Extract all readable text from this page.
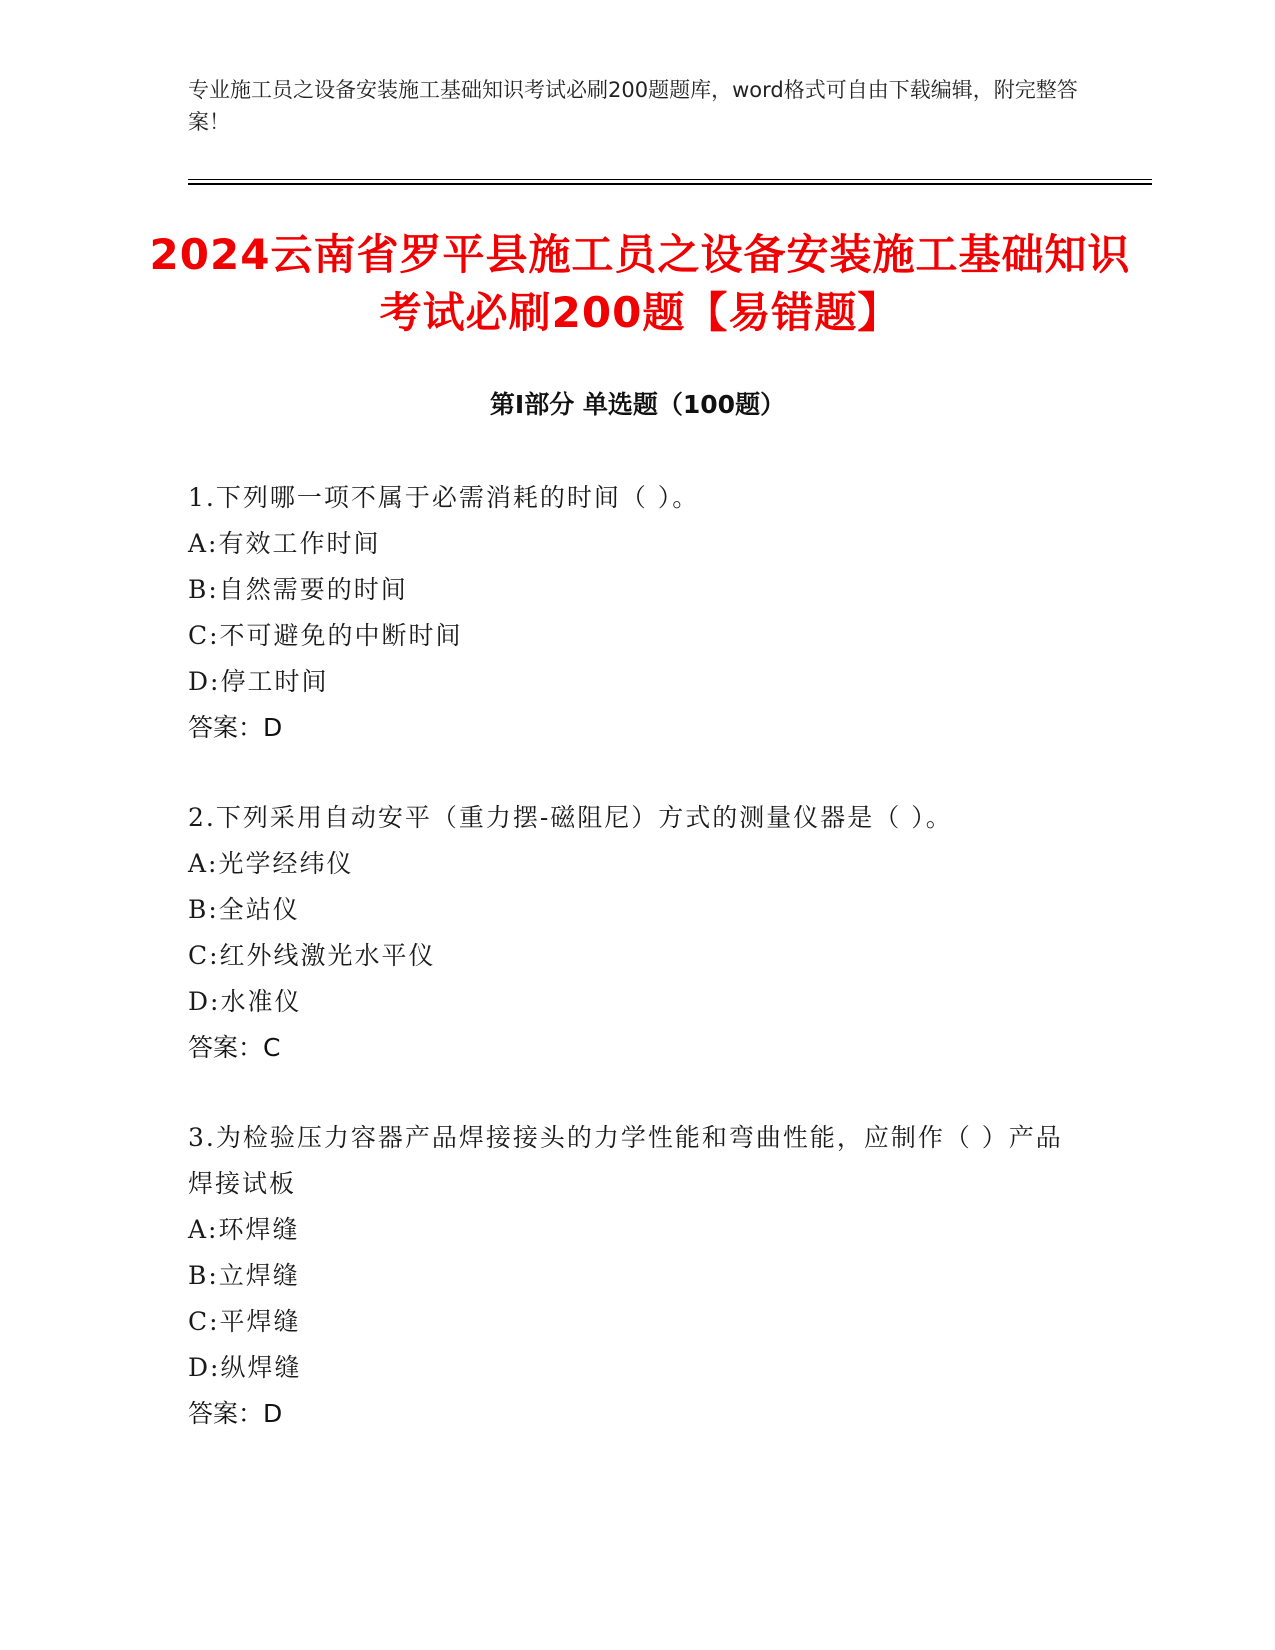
专业施工员之设备安装施工基础知识考试必刷200题题库，word格式可自由下载编辑，附完整答案！
2024云南省罗平县施工员之设备安装施工基础知识考试必刷200题【易错题】
第Ⅰ部分 单选题（100题）
1.下列哪一项不属于必需消耗的时间（ ）。
A:有效工作时间
B:自然需要的时间
C:不可避免的中断时间
D:停工时间
答案：D
2.下列采用自动安平（重力摆-磁阻尼）方式的测量仪器是（ ）。
A:光学经纬仪
B:全站仪
C:红外线激光水平仪
D:水准仪
答案：C
3.为检验压力容器产品焊接接头的力学性能和弯曲性能，应制作（ ）产品焊接试板
A:环焊缝
B:立焊缝
C:平焊缝
D:纵焊缝
答案：D
